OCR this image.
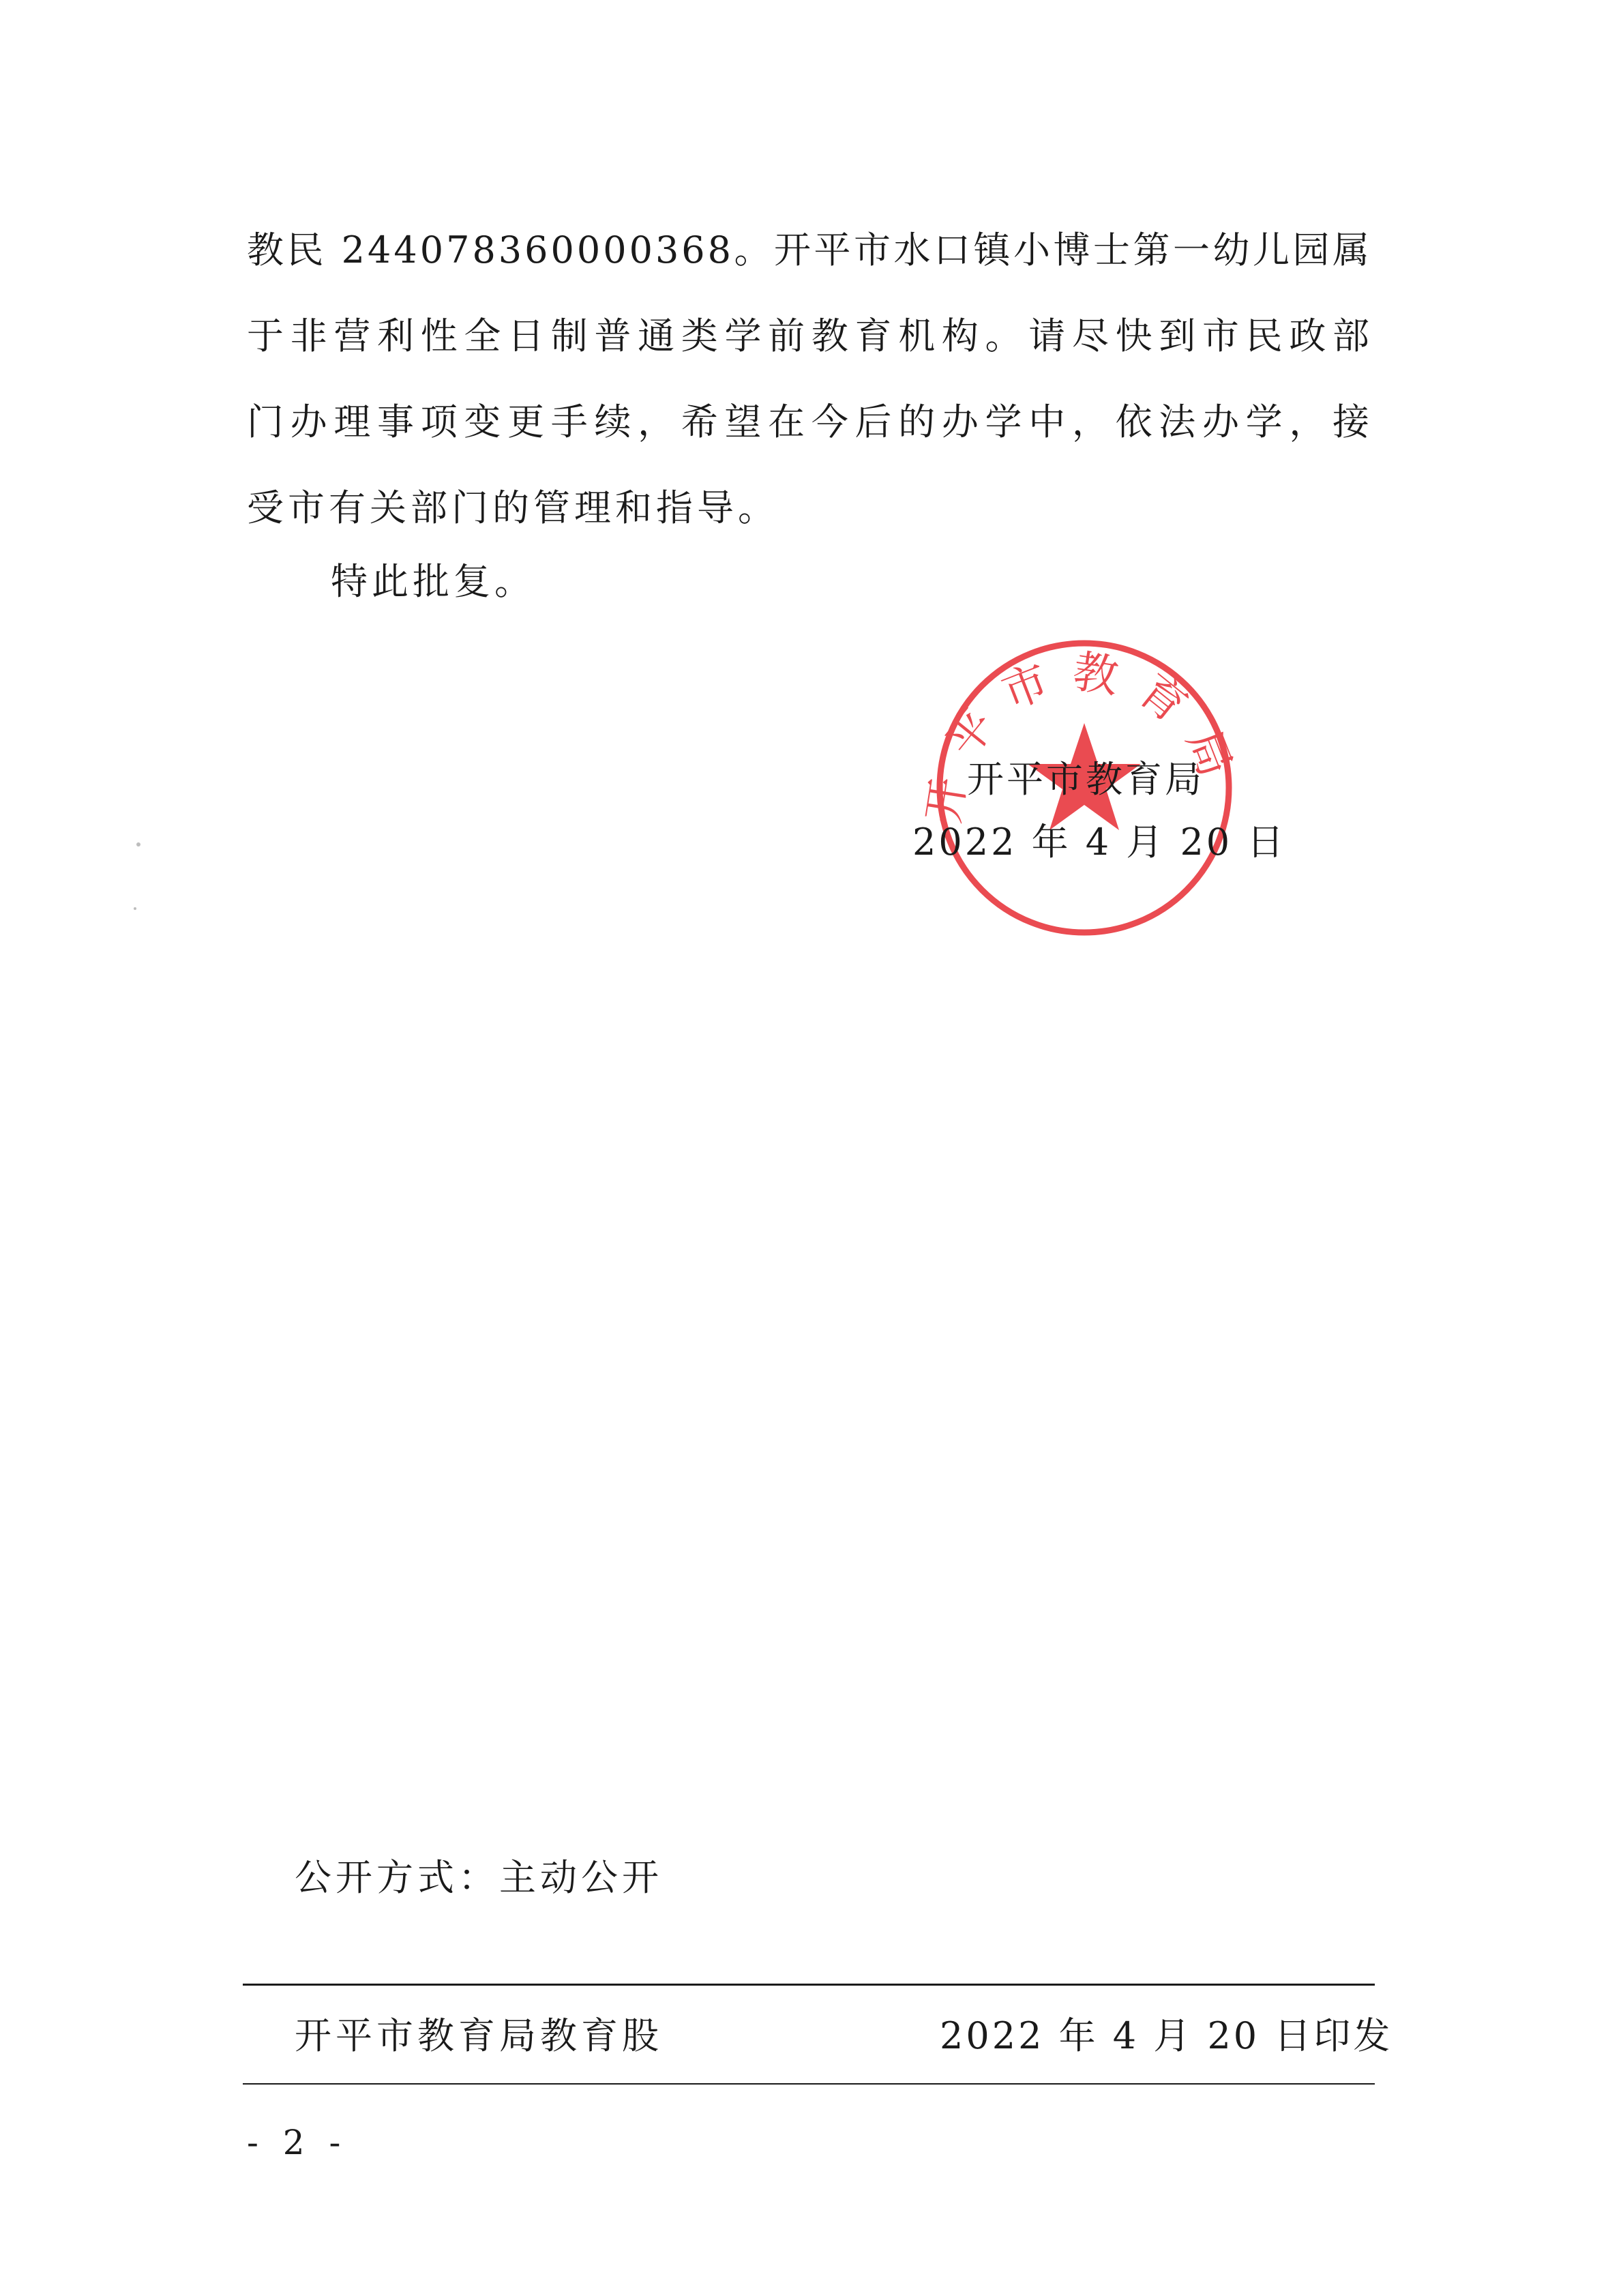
教民 244078360000368。开平市水口镇小博士第一幼儿园属

于非营利性全日制普通类学前教育机构。请尽快到市民政部

门办理事项变更手续，希望在今后的办学中，依法办学，接

受市有关部门的管理和指导。

特此批复。

开平市教育局
开平市教育局
2022 年 4 月 20 日
公开方式：主动公开
开平市教育局教育股	2022 年 4 月 20 日印发
- 2 -
